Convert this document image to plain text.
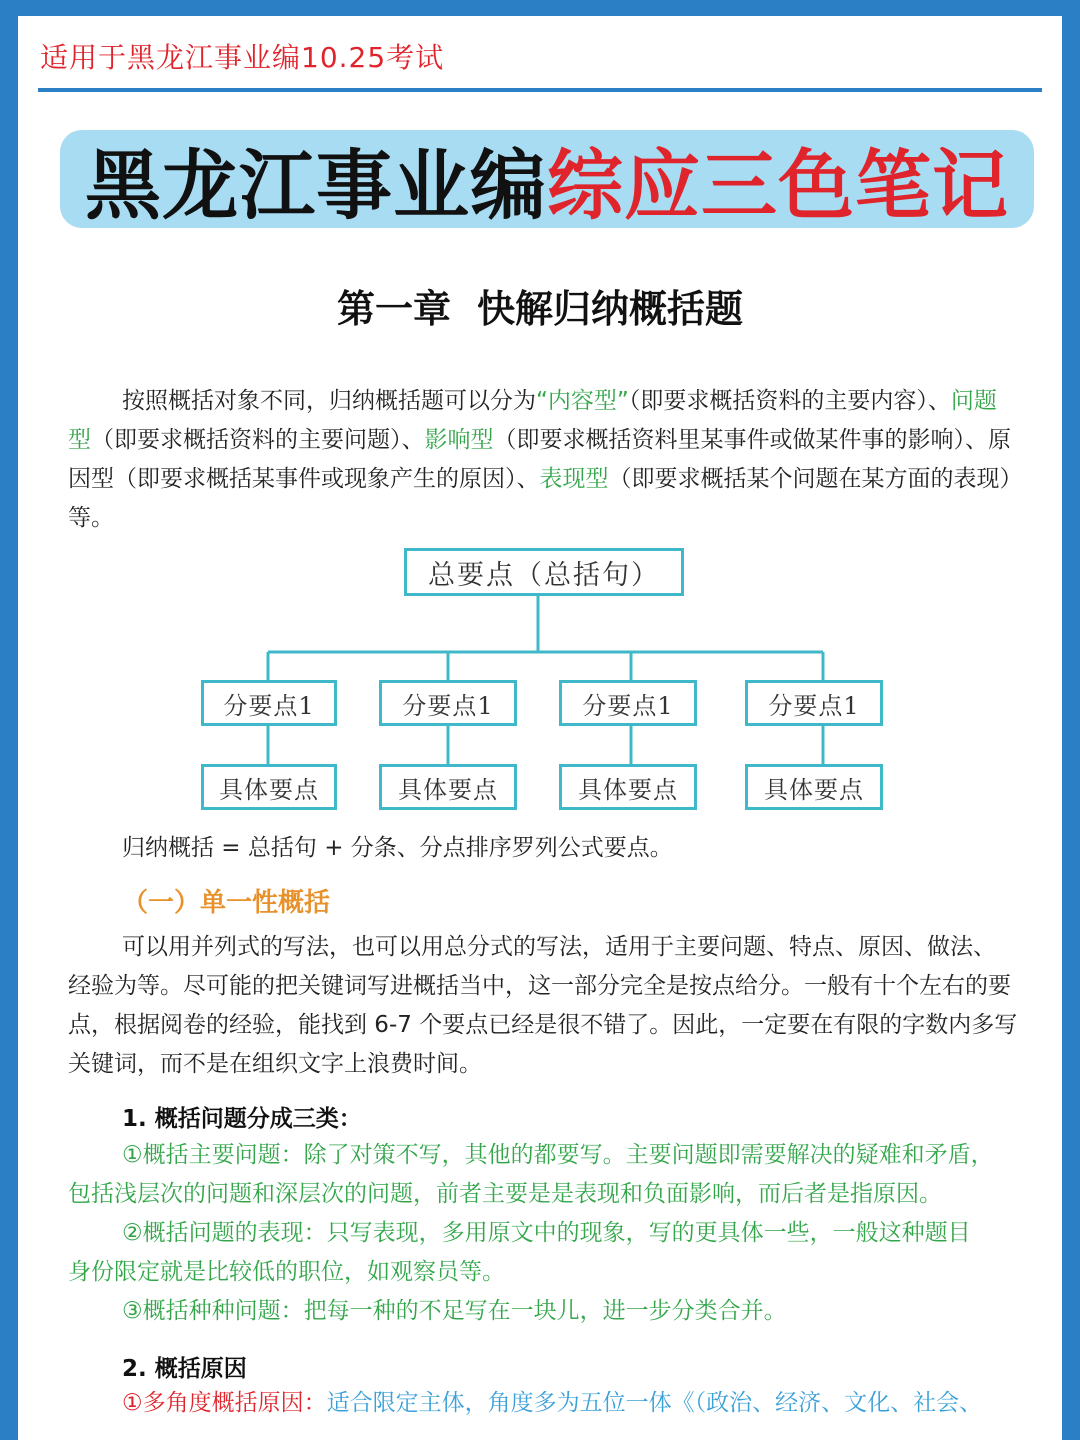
适用于黑龙江事业编10.25考试
黑龙江事业编 综应三色笔记
第一章 快解归纳概括题
按照概括对象不同，归纳概括题可以分为“内容型”（即要求概括资料的主要内容）、问题型（即要求概括资料的主要问题）、影响型（即要求概括资料里某事件或做某件事的影响）、原因型（即要求概括某事件或现象产生的原因）、表现型（即要求概括某个问题在某方面的表现）等。
总要点（总括句）
分要点1	分要点1	分要点1	分要点1
具体要点	具体要点	具体要点	具体要点
归纳概括 = 总括句 + 分条、分点排序罗列公式要点。
（一）单一性概括
可以用并列式的写法，也可以用总分式的写法，适用于主要问题、特点、原因、做法、经验为等。尽可能的把关键词写进概括当中，这一部分完全是按点给分。一般有十个左右的要点，根据阅卷的经验，能找到 6-7 个要点已经是很不错了。因此，一定要在有限的字数内多写关键词，而不是在组织文字上浪费时间。
1. 概括问题分成三类：
①概括主要问题：除了对策不写，其他的都要写。主要问题即需要解决的疑难和矛盾，
包括浅层次的问题和深层次的问题，前者主要是是表现和负面影响，而后者是指原因。
②概括问题的表现：只写表现，多用原文中的现象，写的更具体一些，一般这种题目
身份限定就是比较低的职位，如观察员等。
③概括种种问题：把每一种的不足写在一块儿，进一步分类合并。
2. 概括原因
①多角度概括原因：适合限定主体，角度多为五位一体《（政治、经济、文化、社会、
